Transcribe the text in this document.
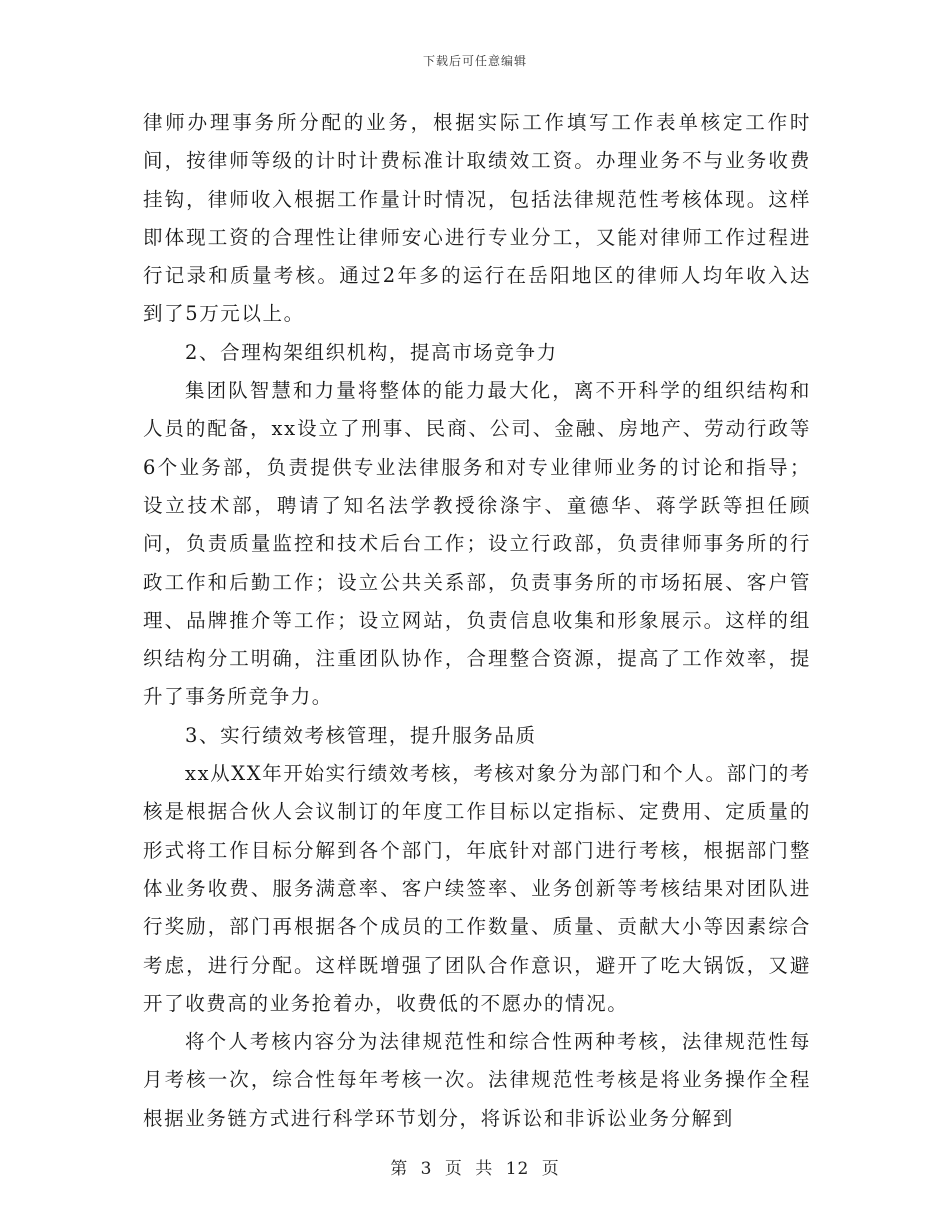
下载后可任意编辑

律师办理事务所分配的业务，根据实际工作填写工作表单核定工作时间，按律师等级的计时计费标准计取绩效工资。办理业务不与业务收费挂钩，律师收入根据工作量计时情况，包括法律规范性考核体现。这样即体现工资的合理性让律师安心进行专业分工，又能对律师工作过程进行记录和质量考核。通过2年多的运行在岳阳地区的律师人均年收入达到了5万元以上。

2、合理构架组织机构，提高市场竞争力

集团队智慧和力量将整体的能力最大化，离不开科学的组织结构和人员的配备，xx设立了刑事、民商、公司、金融、房地产、劳动行政等6个业务部，负责提供专业法律服务和对专业律师业务的讨论和指导；设立技术部，聘请了知名法学教授徐涤宇、童德华、蒋学跃等担任顾问，负责质量监控和技术后台工作；设立行政部，负责律师事务所的行政工作和后勤工作；设立公共关系部，负责事务所的市场拓展、客户管理、品牌推介等工作；设立网站，负责信息收集和形象展示。这样的组织结构分工明确，注重团队协作，合理整合资源，提高了工作效率，提升了事务所竞争力。

3、实行绩效考核管理，提升服务品质

xx从XX年开始实行绩效考核，考核对象分为部门和个人。部门的考核是根据合伙人会议制订的年度工作目标以定指标、定费用、定质量的形式将工作目标分解到各个部门，年底针对部门进行考核，根据部门整体业务收费、服务满意率、客户续签率、业务创新等考核结果对团队进行奖励，部门再根据各个成员的工作数量、质量、贡献大小等因素综合考虑，进行分配。这样既增强了团队合作意识，避开了吃大锅饭，又避开了收费高的业务抢着办，收费低的不愿办的情况。

将个人考核内容分为法律规范性和综合性两种考核，法律规范性每月考核一次，综合性每年考核一次。法律规范性考核是将业务操作全程根据业务链方式进行科学环节划分，将诉讼和非诉讼业务分解到

第 3 页 共 12 页
